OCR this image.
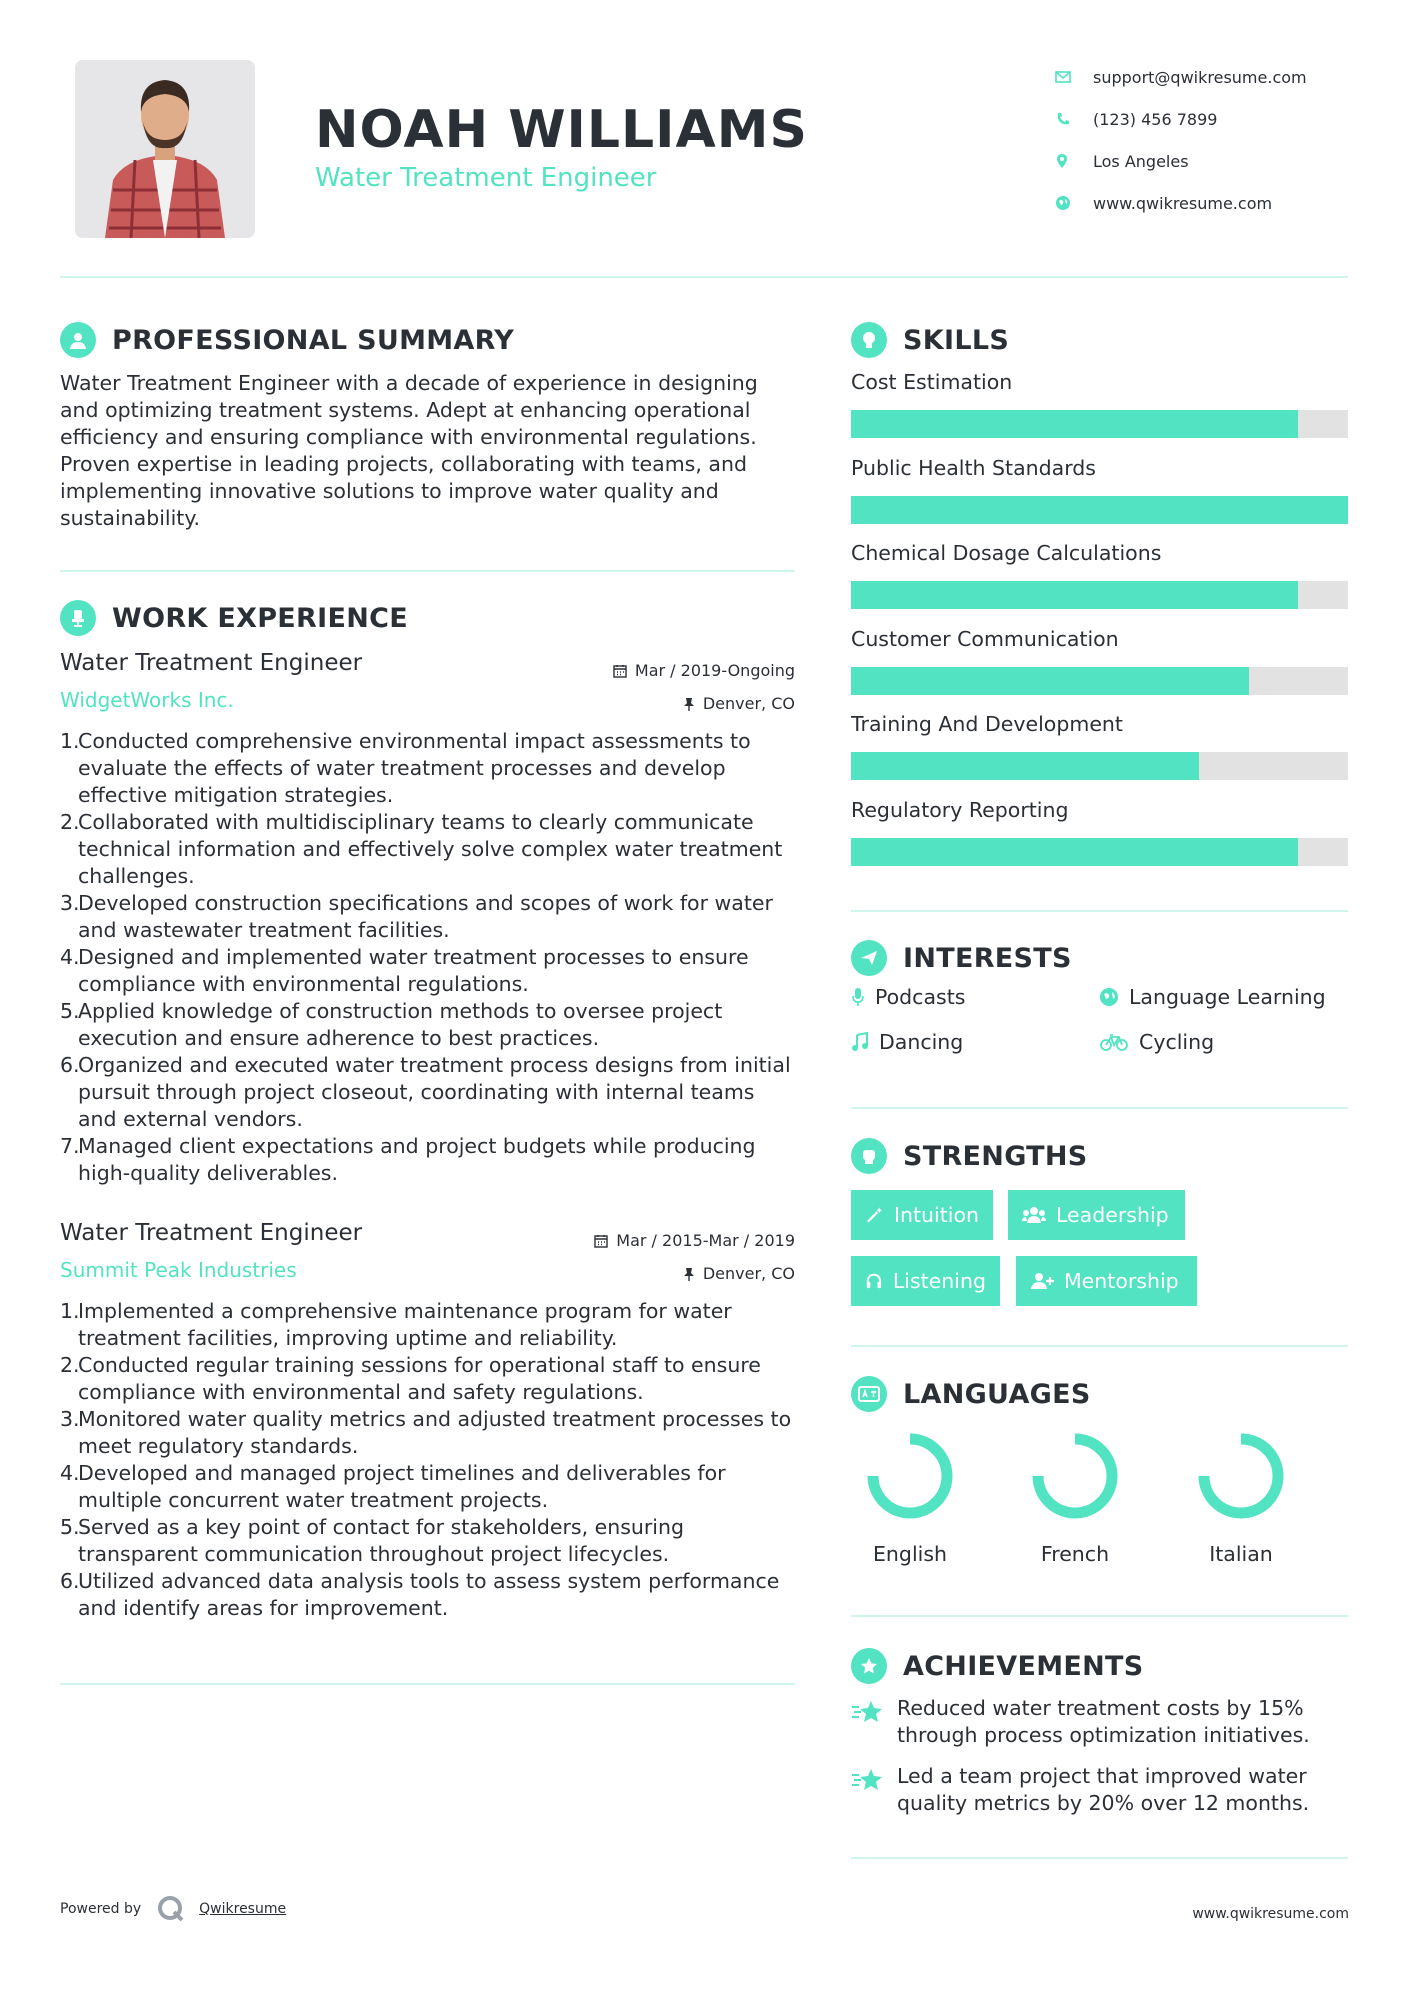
NOAH WILLIAMS
Water Treatment Engineer
support@qwikresume.com
(123) 456 7899
Los Angeles
www.qwikresume.com
PROFESSIONAL SUMMARY
Water Treatment Engineer with a decade of experience in designing and optimizing treatment systems. Adept at enhancing operational efficiency and ensuring compliance with environmental regulations. Proven expertise in leading projects, collaborating with teams, and implementing innovative solutions to improve water quality and sustainability.
WORK EXPERIENCE
Water Treatment Engineer
WidgetWorks Inc.
Mar / 2019-Ongoing
Denver, CO
1.
Conducted comprehensive environmental impact assessments to evaluate the effects of water treatment processes and develop effective mitigation strategies.
2.
Collaborated with multidisciplinary teams to clearly communicate technical information and effectively solve complex water treatment challenges.
3.
Developed construction specifications and scopes of work for water and wastewater treatment facilities.
4.
Designed and implemented water treatment processes to ensure compliance with environmental regulations.
5.
Applied knowledge of construction methods to oversee project execution and ensure adherence to best practices.
6.
Organized and executed water treatment process designs from initial pursuit through project closeout, coordinating with internal teams and external vendors.
7.
Managed client expectations and project budgets while producing high-quality deliverables.
Water Treatment Engineer
Summit Peak Industries
Mar / 2015-Mar / 2019
Denver, CO
1.
Implemented a comprehensive maintenance program for water treatment facilities, improving uptime and reliability.
2.
Conducted regular training sessions for operational staff to ensure compliance with environmental and safety regulations.
3.
Monitored water quality metrics and adjusted treatment processes to meet regulatory standards.
4.
Developed and managed project timelines and deliverables for multiple concurrent water treatment projects.
5.
Served as a key point of contact for stakeholders, ensuring transparent communication throughout project lifecycles.
6.
Utilized advanced data analysis tools to assess system performance and identify areas for improvement.
SKILLS
Cost Estimation
Public Health Standards
Chemical Dosage Calculations
Customer Communication
Training And Development
Regulatory Reporting
INTERESTS
Podcasts	Language Learning
Dancing	Cycling
STRENGTHS
Intuition	Leadership
Listening	Mentorship
LANGUAGES
English	French	Italian
ACHIEVEMENTS
Reduced water treatment costs by 15% through process optimization initiatives.
Led a team project that improved water quality metrics by 20% over 12 months.
Powered by	Qwikresume	www.qwikresume.com
